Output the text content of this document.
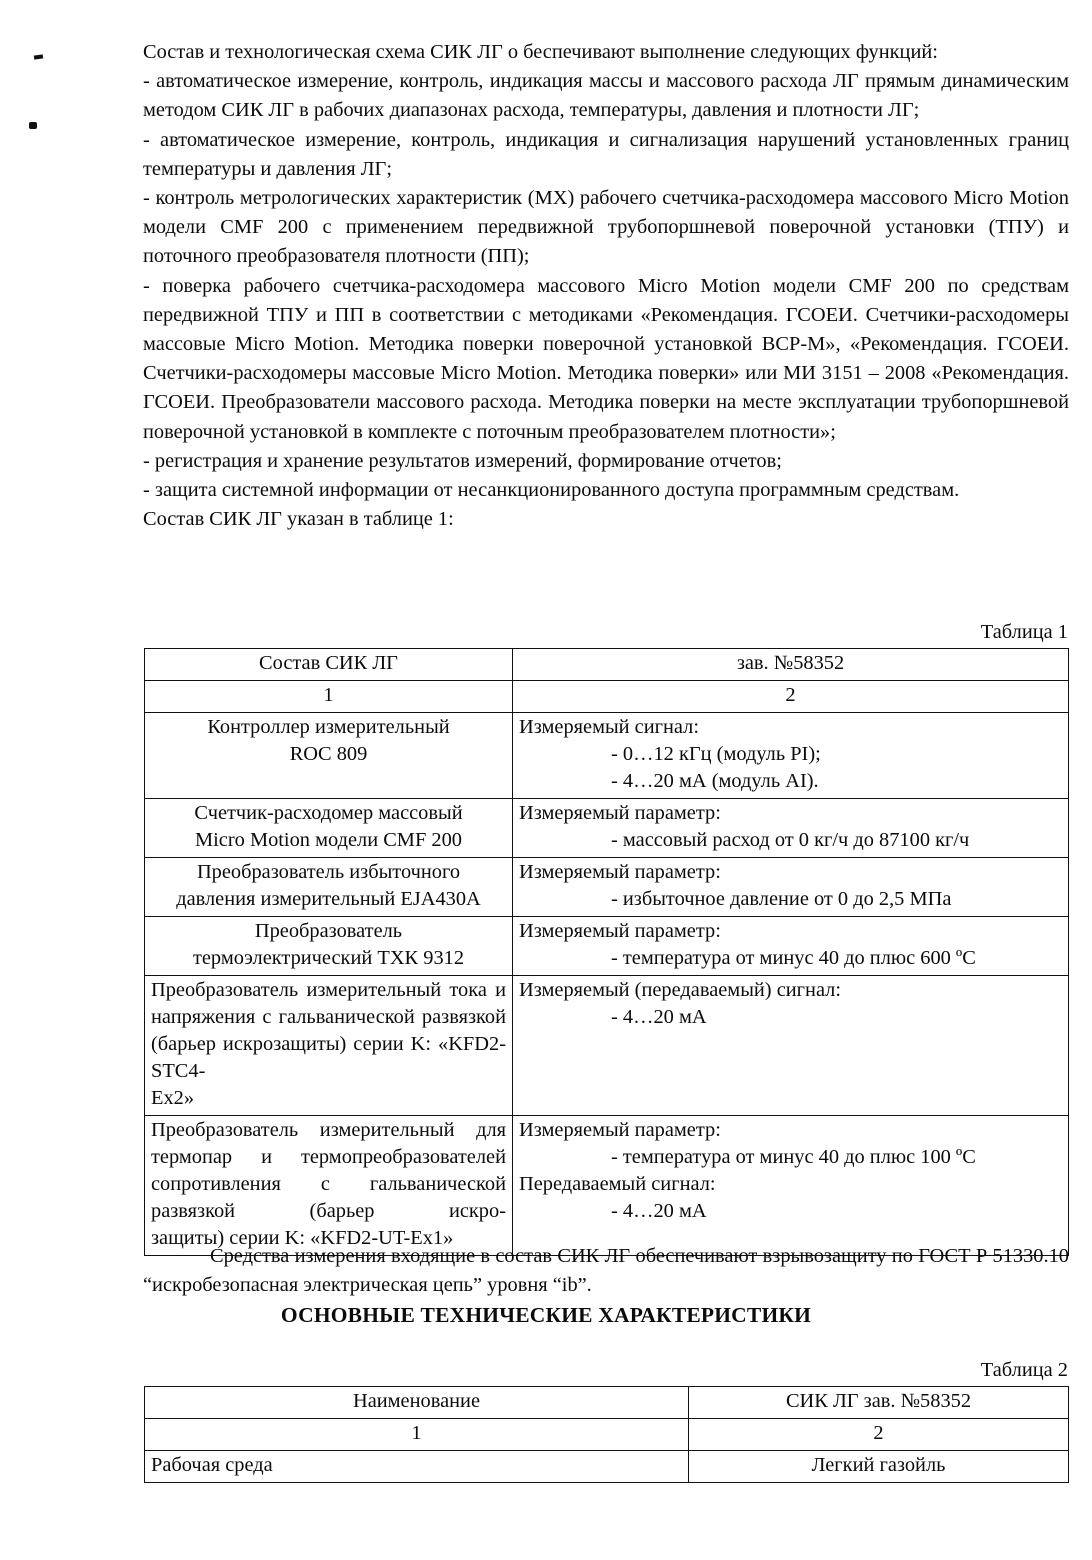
Состав и технологическая схема СИК ЛГ о беспечивают выполнение следующих функций:

- автоматическое измерение, контроль, индикация массы и массового расхода ЛГ прямым динамическим методом СИК ЛГ в рабочих диапазонах расхода, температуры, давления и плотности ЛГ;

- автоматическое измерение, контроль, индикация и сигнализация нарушений установленных границ температуры и давления ЛГ;

- контроль метрологических характеристик (МХ) рабочего счетчика-расходомера массового Micro Motion модели CMF 200 с применением передвижной трубопоршневой поверочной установки (ТПУ) и поточного преобразователя плотности (ПП);

- поверка рабочего счетчика-расходомера массового Micro Motion модели CMF 200 по средствам передвижной ТПУ и ПП в соответствии с методиками «Рекомендация. ГСОЕИ. Счетчики-расходомеры массовые Micro Motion. Методика поверки поверочной установкой ВСР-М», «Рекомендация. ГСОЕИ. Счетчики-расходомеры массовые Micro Motion. Методика поверки» или МИ 3151 – 2008 «Рекомендация. ГСОЕИ. Преобразователи массового расхода. Методика поверки на месте эксплуатации трубопоршневой поверочной установкой в комплекте с поточным преобразователем плотности»;

- регистрация и хранение результатов измерений, формирование отчетов;

- защита системной информации от несанкционированного доступа программным средствам.

Состав СИК ЛГ указан в таблице 1:

Таблица 1
Состав СИК ЛГ	зав. №58352
1	2
Контроллер измерительный
ROC 809	Измеряемый сигнал:
- 0…12 кГц (модуль PI);
- 4…20 мА (модуль AI).

Счетчик-расходомер массовый
Micro Motion модели CMF 200	Измеряемый параметр:
- массовый расход от 0 кг/ч до 87100 кг/ч

Преобразователь избыточного
давления измерительный EJA430A	Измеряемый параметр:
- избыточное давление от 0 до 2,5 МПа

Преобразователь
термоэлектрический ТХК 9312	Измеряемый параметр:
- температура от минус 40 до плюс 600 ºC

Преобразователь измерительный тока и напряжения с гальванической развязкой (барьер искрозащиты) серии K: «KFD2-STC4-
Ex2»	Измеряемый (передаваемый) сигнал:
- 4…20 мА

Преобразователь измерительный для термопар и термопреобразователей сопротивления с гальванической развязкой (барьер искро-
защиты) серии K: «KFD2-UT-Ex1»	Измеряемый параметр:
- температура от минус 40 до плюс 100 ºC
Передаваемый сигнал:
- 4…20 мА

Средства измерения входящие в состав СИК ЛГ обеспечивают взрывозащиту по ГОСТ Р 51330.10 “искробезопасная электрическая цепь” уровня “ib”.

ОСНОВНЫЕ ТЕХНИЧЕСКИЕ ХАРАКТЕРИСТИКИ
Таблица 2
Наименование	СИК ЛГ зав. №58352
1	2
Рабочая среда	Легкий газойль
